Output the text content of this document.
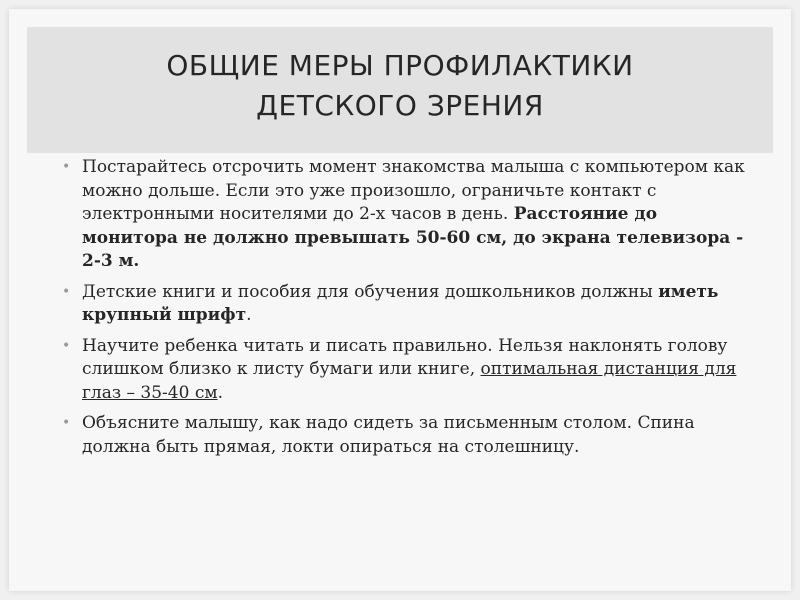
ОБЩИЕ МЕРЫ ПРОФИЛАКТИКИ
ДЕТСКОГО ЗРЕНИЯ
• Постарайтесь отсрочить момент знакомства малыша с компьютером как можно дольше. Если это уже произошло, ограничьте контакт с электронными носителями до 2-х часов в день. Расстояние до монитора не должно превышать 50-60 см, до экрана телевизора - 2-3 м.
• Детские книги и пособия для обучения дошкольников должны иметь крупный шрифт.
• Научите ребенка читать и писать правильно. Нельзя наклонять голову слишком близко к листу бумаги или книге, оптимальная дистанция для глаз – 35-40 см.
• Объясните малышу, как надо сидеть за письменным столом. Спина должна быть прямая, локти опираться на столешницу.
